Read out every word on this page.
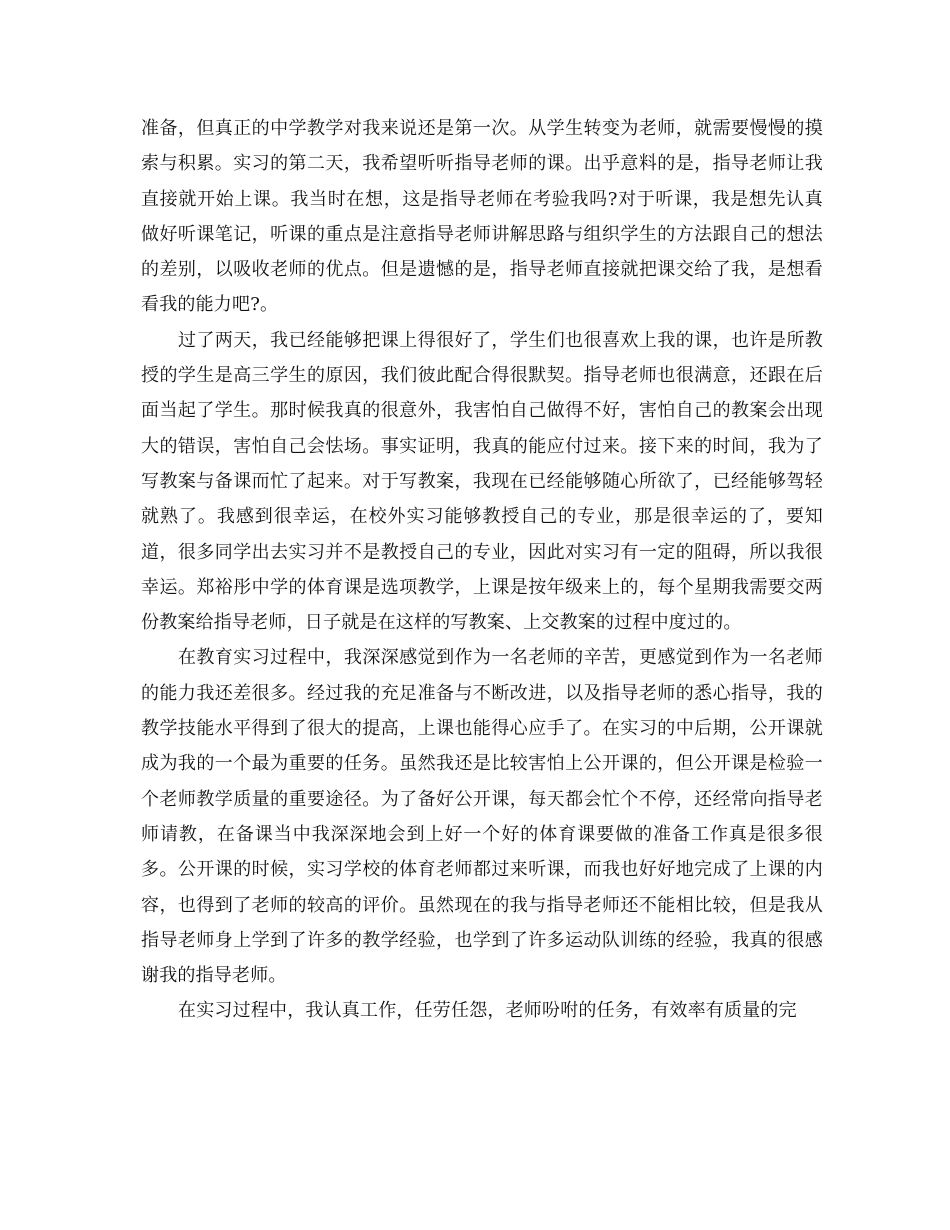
准备，但真正的中学教学对我来说还是第一次。从学生转变为老师，就需要慢慢的摸索与积累。实习的第二天，我希望听听指导老师的课。出乎意料的是，指导老师让我直接就开始上课。我当时在想，这是指导老师在考验我吗?对于听课，我是想先认真做好听课笔记，听课的重点是注意指导老师讲解思路与组织学生的方法跟自己的想法的差别，以吸收老师的优点。但是遗憾的是，指导老师直接就把课交给了我，是想看看我的能力吧?。

过了两天，我已经能够把课上得很好了，学生们也很喜欢上我的课，也许是所教授的学生是高三学生的原因，我们彼此配合得很默契。指导老师也很满意，还跟在后面当起了学生。那时候我真的很意外，我害怕自己做得不好，害怕自己的教案会出现大的错误，害怕自己会怯场。事实证明，我真的能应付过来。接下来的时间，我为了写教案与备课而忙了起来。对于写教案，我现在已经能够随心所欲了，已经能够驾轻就熟了。我感到很幸运，在校外实习能够教授自己的专业，那是很幸运的了，要知道，很多同学出去实习并不是教授自己的专业，因此对实习有一定的阻碍，所以我很幸运。郑裕彤中学的体育课是选项教学，上课是按年级来上的，每个星期我需要交两份教案给指导老师，日子就是在这样的写教案、上交教案的过程中度过的。

在教育实习过程中，我深深感觉到作为一名老师的辛苦，更感觉到作为一名老师的能力我还差很多。经过我的充足准备与不断改进，以及指导老师的悉心指导，我的教学技能水平得到了很大的提高，上课也能得心应手了。在实习的中后期，公开课就成为我的一个最为重要的任务。虽然我还是比较害怕上公开课的，但公开课是检验一个老师教学质量的重要途径。为了备好公开课，每天都会忙个不停，还经常向指导老师请教，在备课当中我深深地会到上好一个好的体育课要做的准备工作真是很多很多。公开课的时候，实习学校的体育老师都过来听课，而我也好好地完成了上课的内容，也得到了老师的较高的评价。虽然现在的我与指导老师还不能相比较，但是我从指导老师身上学到了许多的教学经验，也学到了许多运动队训练的经验，我真的很感谢我的指导老师。

在实习过程中，我认真工作，任劳任怨，老师吩咐的任务，有效率有质量的完
